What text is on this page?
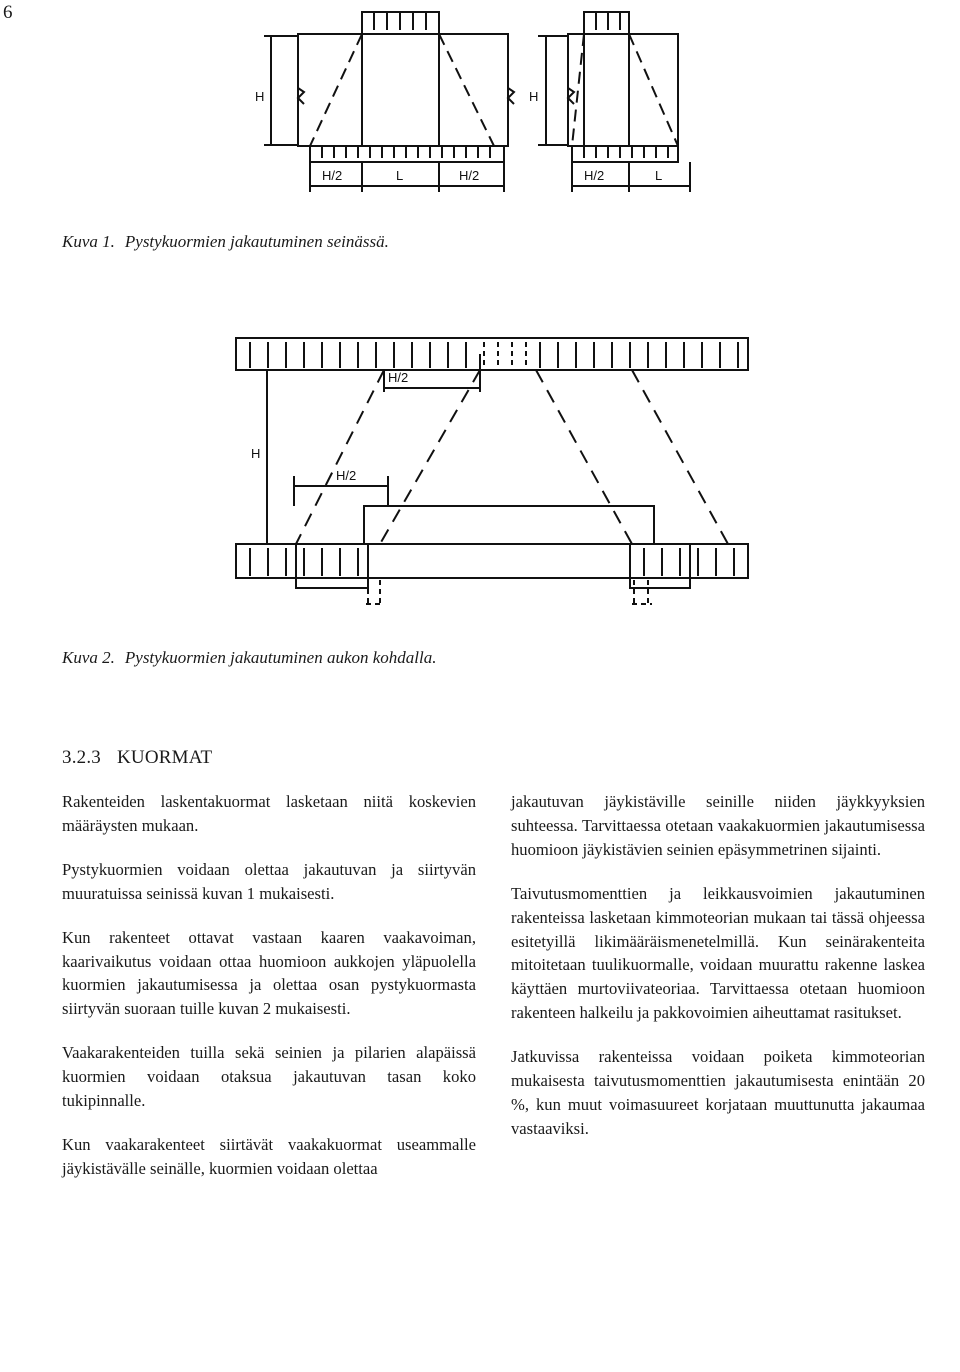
6
H	H
H/2	L	H/2	H/2	L
Kuva 1. Pystykuormien jakautuminen seinässä.
H/2
H
H/2
Kuva 2. Pystykuormien jakautuminen aukon kohdalla.
3.2.3 KUORMAT

Rakenteiden laskentakuormat lasketaan niitä koskevien määräysten mukaan.

Pystykuormien voidaan olettaa jakautuvan ja siirtyvän muuratuissa seinissä kuvan 1 mukaisesti.

Kun rakenteet ottavat vastaan kaaren vaakavoiman, kaarivaikutus voidaan ottaa huomioon aukkojen yläpuolella kuormien jakautumisessa ja olettaa osan pystykuormasta siirtyvän suoraan tuille kuvan 2 mukaisesti.

Vaakarakenteiden tuilla sekä seinien ja pilarien alapäissä kuormien voidaan otaksua jakautuvan tasan koko tukipinnalle.

Kun vaakarakenteet siirtävät vaakakuormat useammalle jäykistävälle seinälle, kuormien voidaan olettaa

jakautuvan jäykistäville seinille niiden jäykkyyksien suhteessa. Tarvittaessa otetaan vaakakuormien jakautumisessa huomioon jäykistävien seinien epäsymmetrinen sijainti.

Taivutusmomenttien ja leikkausvoimien jakautuminen rakenteissa lasketaan kimmoteorian mukaan tai tässä ohjeessa esitetyillä likimääräismenetelmillä. Kun seinärakenteita mitoitetaan tuulikuormalle, voidaan muurattu rakenne laskea käyttäen murtoviivateoriaa. Tarvittaessa otetaan huomioon rakenteen halkeilu ja pakkovoimien aiheuttamat rasitukset.

Jatkuvissa rakenteissa voidaan poiketa kimmoteorian mukaisesta taivutusmomenttien jakautumisesta enintään 20 %, kun muut voimasuureet korjataan muuttunutta jakaumaa vastaaviksi.
